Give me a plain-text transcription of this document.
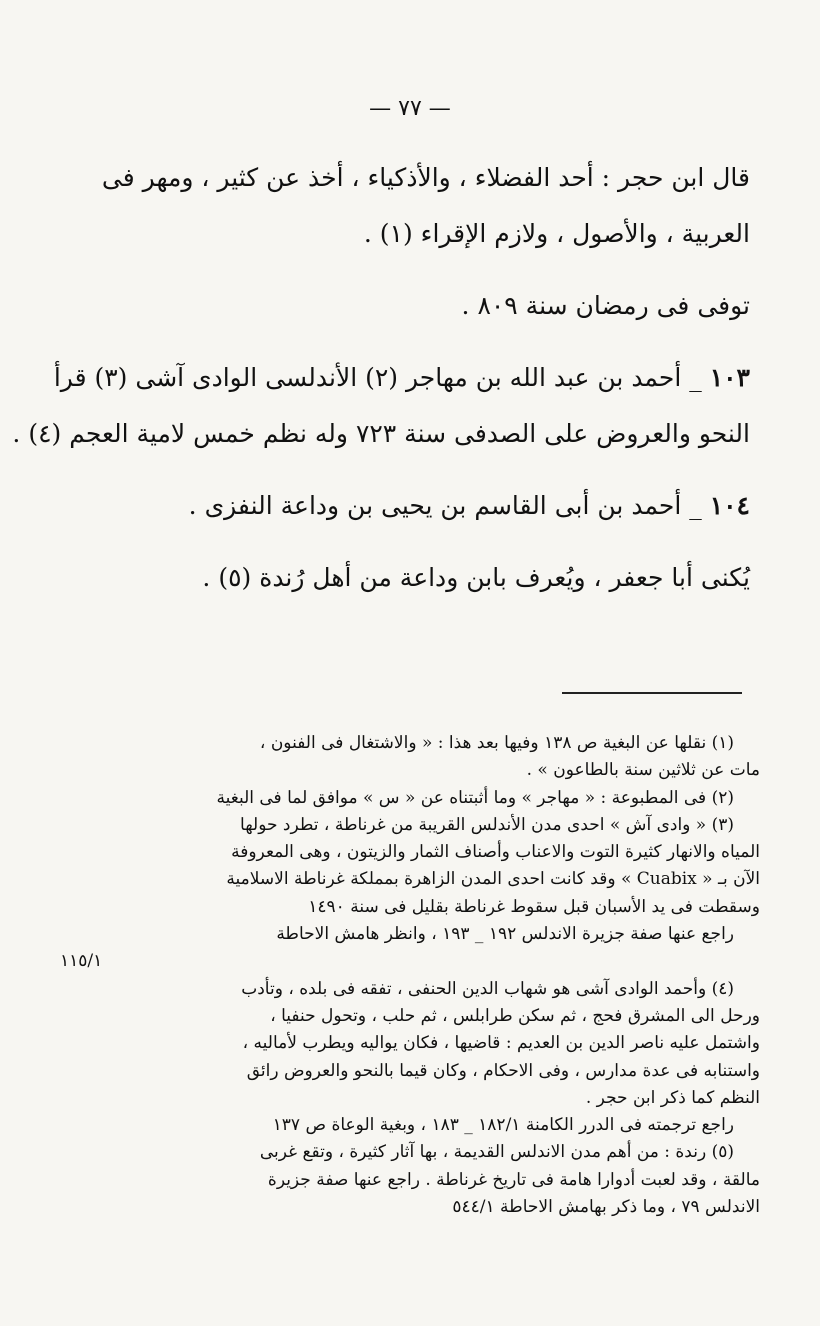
— ٧٧ —

قال ابن حجر : أحد الفضلاء ، والأذكياء ، أخذ عن كثير ، ومهر فى

العربية ، والأصول ، ولازم الإقراء (١) .

توفى فى رمضان سنة ٨٠٩ .

١٠٣ _ أحمد بن عبد الله بن مهاجر (٢) الأندلسى الوادى آشى (٣) قرأ

النحو والعروض على الصدفى سنة ٧٢٣ وله نظم خمس لامية العجم (٤) .

١٠٤ _ أحمد بن أبى القاسم بن يحيى بن وداعة النفزى .

يُكنى أبا جعفر ، ويُعرف بابن وداعة من أهل رُندة (٥) .

(١) نقلها عن البغية ص ١٣٨ وفيها بعد هذا : « والاشتغال فى الفنون ،

مات عن ثلاثين سنة بالطاعون » .

(٢) فى المطبوعة : « مهاجر » وما أثبتناه عن « س » موافق لما فى البغية

(٣) « وادى آش » احدى مدن الأندلس القريبة من غرناطة ، تطرد حولها

المياه والانهار كثيرة التوت والاعناب وأصناف الثمار والزيتون ، وهى المعروفة

الآن بـ « Cuabix » وقد كانت احدى المدن الزاهرة بمملكة غرناطة الاسلامية

وسقطت فى يد الأسبان قبل سقوط غرناطة بقليل فى سنة ١٤٩٠

راجع عنها صفة جزيرة الاندلس ١٩٢ _ ١٩٣ ، وانظر هامش الاحاطة

١١٥/١

(٤) وأحمد الوادى آشى هو شهاب الدين الحنفى ، تفقه فى بلده ، وتأدب

ورحل الى المشرق فحج ، ثم سكن طرابلس ، ثم حلب ، وتحول حنفيا ،

واشتمل عليه ناصر الدين بن العديم : قاضيها ، فكان يواليه ويطرب لأماليه ،

واستنابه فى عدة مدارس ، وفى الاحكام ، وكان قيما بالنحو والعروض رائق

النظم كما ذكر ابن حجر .

راجع ترجمته فى الدرر الكامنة ١٨٢/١ _ ١٨٣ ، وبغية الوعاة ص ١٣٧

(٥) رندة : من أهم مدن الاندلس القديمة ، بها آثار كثيرة ، وتقع غربى

مالقة ، وقد لعبت أدوارا هامة فى تاريخ غرناطة . راجع عنها صفة جزيرة

الاندلس ٧٩ ، وما ذكر بهامش الاحاطة ٥٤٤/١
